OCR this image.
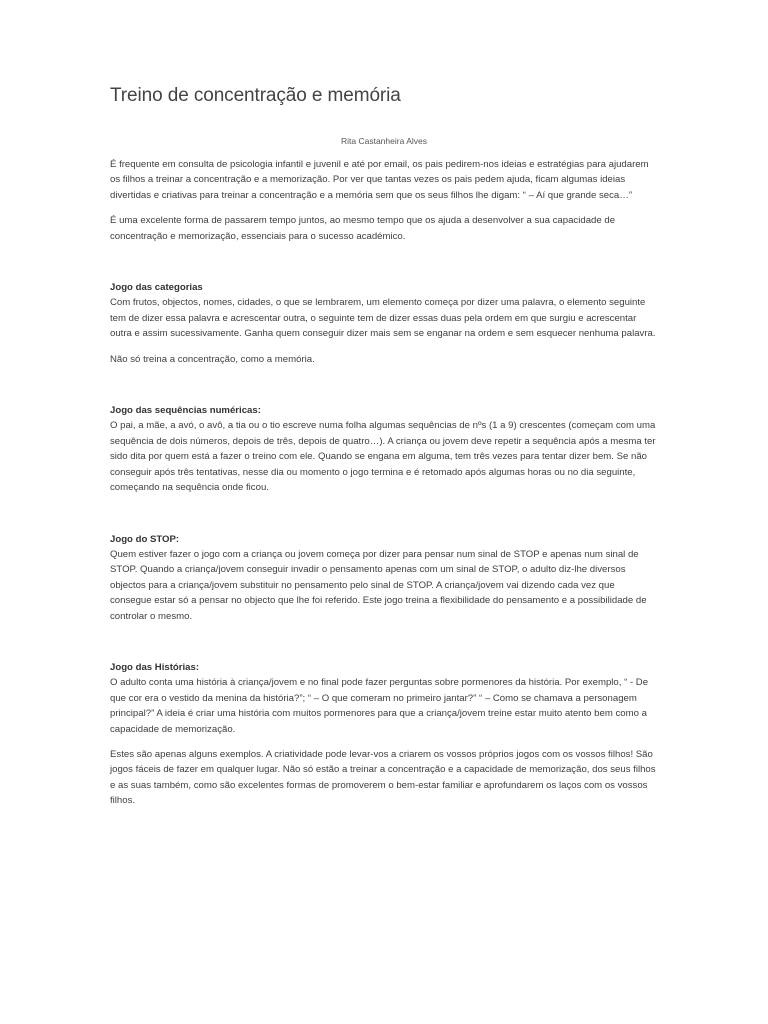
Treino de concentração e memória
Rita Castanheira Alves

É frequente em consulta de psicologia infantil e juvenil e até por email, os pais pedirem-nos ideias e estratégias para ajudarem os filhos a treinar a concentração e a memorização. Por ver que tantas vezes os pais pedem ajuda, ficam algumas ideias divertidas e criativas para treinar a concentração e a memória sem que os seus filhos lhe digam: “ – Aí que grande seca…”

É uma excelente forma de passarem tempo juntos, ao mesmo tempo que os ajuda a desenvolver a sua capacidade de concentração e memorização, essenciais para o sucesso académico.

Jogo das categorias
Com frutos, objectos, nomes, cidades, o que se lembrarem, um elemento começa por dizer uma palavra, o elemento seguinte tem de dizer essa palavra e acrescentar outra, o seguinte tem de dizer essas duas pela ordem em que surgiu e acrescentar outra e assim sucessivamente. Ganha quem conseguir dizer mais sem se enganar na ordem e sem esquecer nenhuma palavra.

Não só treina a concentração, como a memória.

Jogo das sequências numéricas:
O pai, a mãe, a avó, o avô, a tia ou o tio escreve numa folha algumas sequências de nºs (1 a 9) crescentes (começam com uma sequência de dois números, depois de três, depois de quatro…). A criança ou jovem deve repetir a sequência após a mesma ter sido dita por quem está a fazer o treino com ele. Quando se engana em alguma, tem três vezes para tentar dizer bem. Se não conseguir após três tentativas, nesse dia ou momento o jogo termina e é retomado após algumas horas ou no dia seguinte, começando na sequência onde ficou.

Jogo do STOP:
Quem estiver fazer o jogo com a criança ou jovem começa por dizer para pensar num sinal de STOP e apenas num sinal de STOP. Quando a criança/jovem conseguir invadir o pensamento apenas com um sinal de STOP, o adulto diz-lhe diversos objectos para a criança/jovem substituir no pensamento pelo sinal de STOP. A criança/jovem vai dizendo cada vez que consegue estar só a pensar no objecto que lhe foi referido. Este jogo treina a flexibilidade do pensamento e a possibilidade de controlar o mesmo.

Jogo das Histórias:
O adulto conta uma história à criança/jovem e no final pode fazer perguntas sobre pormenores da história. Por exemplo, “ - De que cor era o vestido da menina da história?”; “ – O que comeram no primeiro jantar?” “ – Como se chamava a personagem principal?” A ideia é criar uma história com muitos pormenores para que a criança/jovem treine estar muito atento bem como a capacidade de memorização.

Estes são apenas alguns exemplos. A criatividade pode levar-vos a criarem os vossos próprios jogos com os vossos filhos! São jogos fáceis de fazer em qualquer lugar. Não só estão a treinar a concentração e a capacidade de memorização, dos seus filhos e as suas também, como são excelentes formas de promoverem o bem-estar familiar e aprofundarem os laços com os vossos filhos.
